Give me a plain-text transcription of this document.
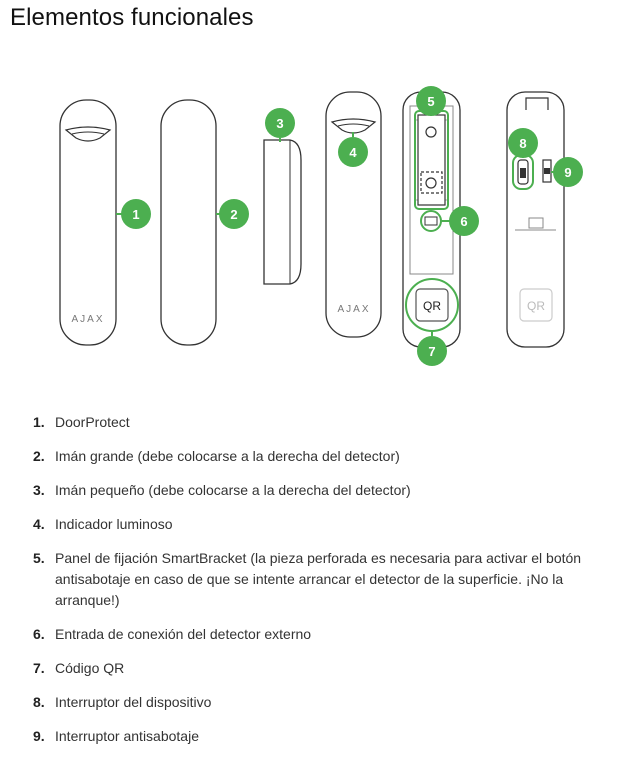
Elementos funcionales
AJAX
AJAX	QR	QR
1	2
3
4
5
6
7
8
9
1. DoorProtect
2. Imán grande (debe colocarse a la derecha del detector)
3. Imán pequeño (debe colocarse a la derecha del detector)
4. Indicador luminoso
5. Panel de fijación SmartBracket (la pieza perforada es necesaria para activar el botón antisabotaje en caso de que se intente arrancar el detector de la superficie. ¡No la arranque!)
6. Entrada de conexión del detector externo
7. Código QR
8. Interruptor del dispositivo
9. Interruptor antisabotaje
